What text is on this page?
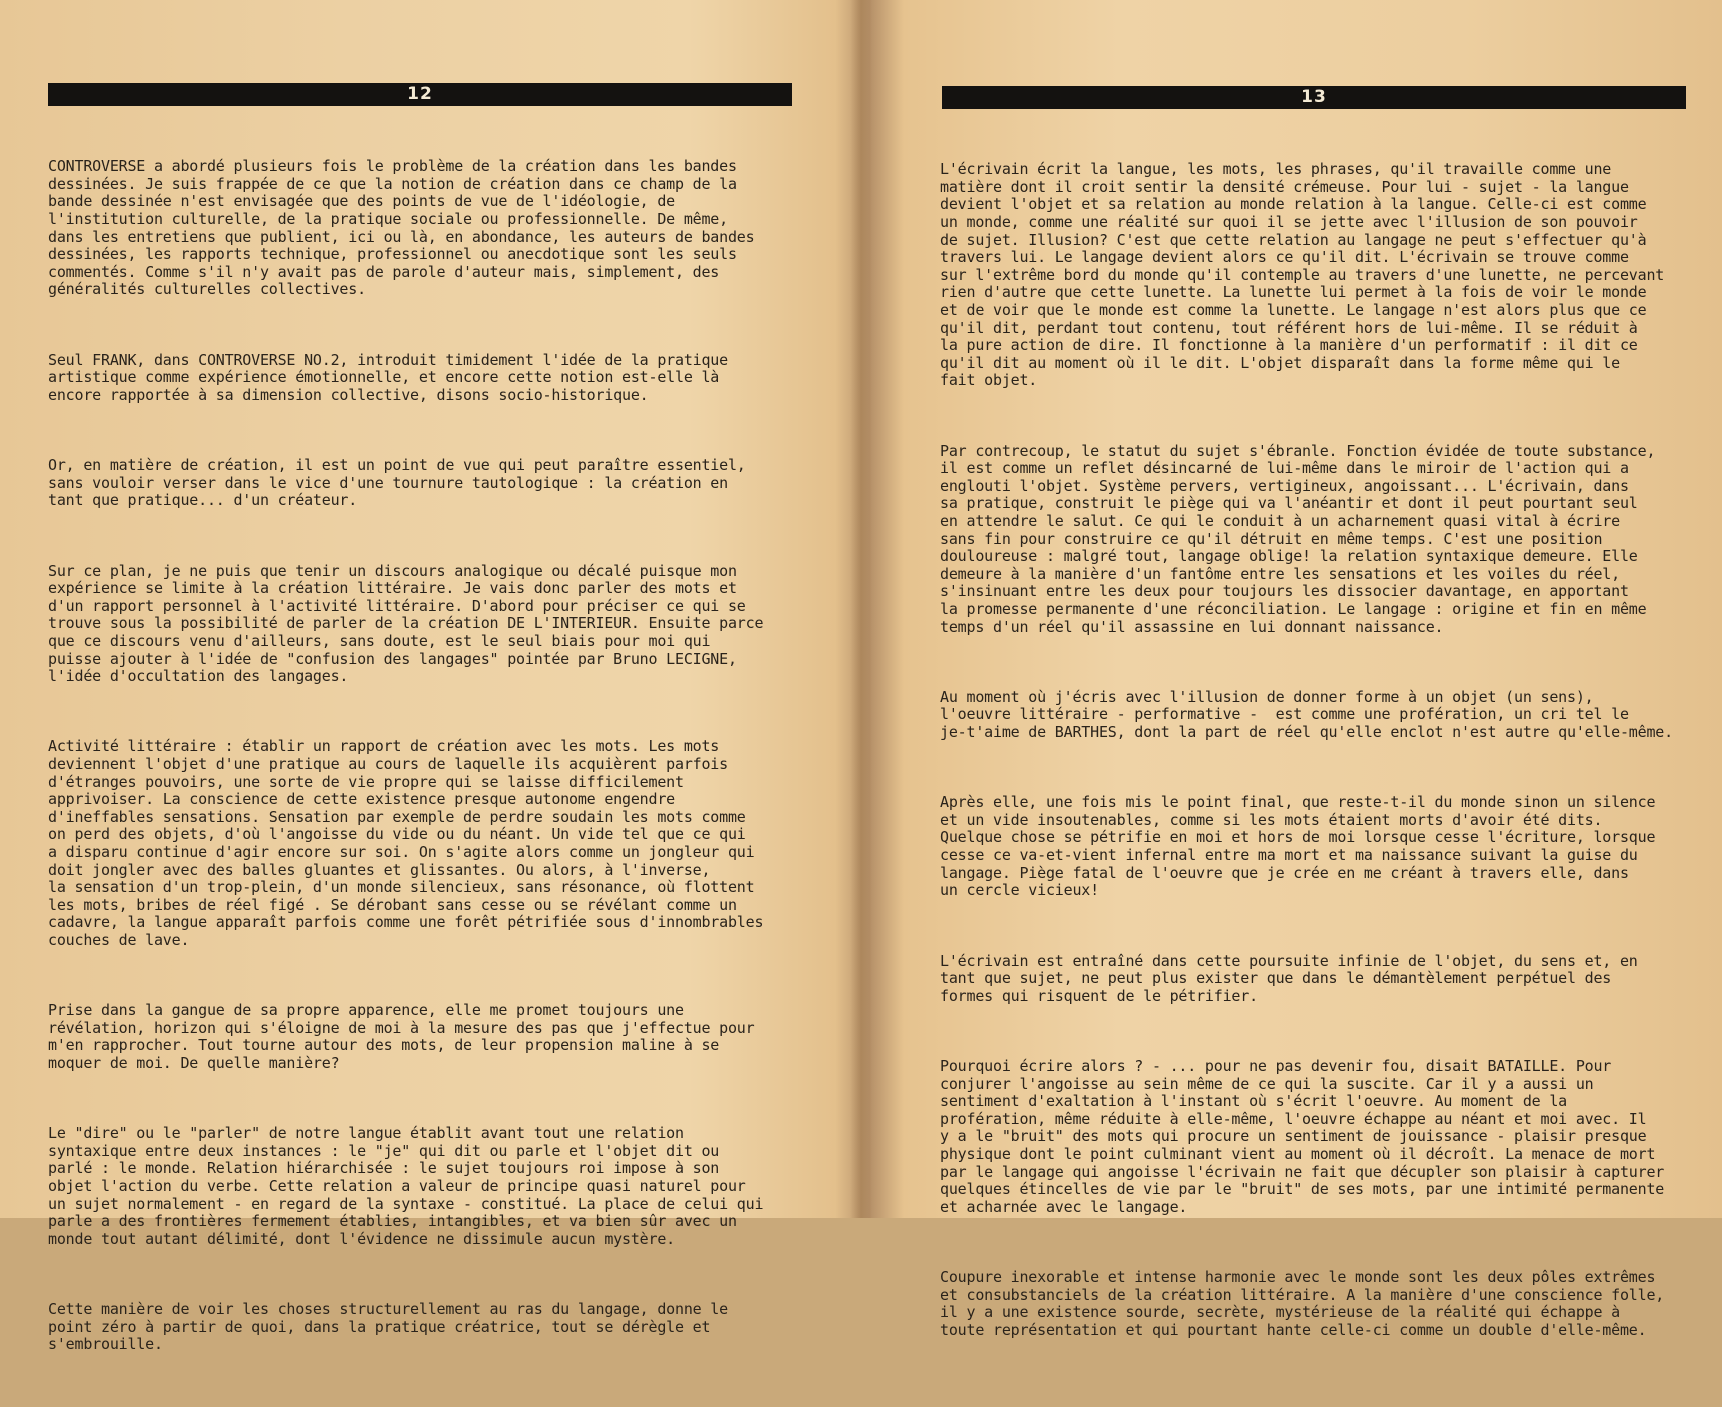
12

CONTROVERSE a abordé plusieurs fois le problème de la création dans les bandes
dessinées. Je suis frappée de ce que la notion de création dans ce champ de la
bande dessinée n'est envisagée que des points de vue de l'idéologie, de
l'institution culturelle, de la pratique sociale ou professionnelle. De même,
dans les entretiens que publient, ici ou là, en abondance, les auteurs de bandes
dessinées, les rapports technique, professionnel ou anecdotique sont les seuls
commentés. Comme s'il n'y avait pas de parole d'auteur mais, simplement, des
généralités culturelles collectives.

Seul FRANK, dans CONTROVERSE NO.2, introduit timidement l'idée de la pratique
artistique comme expérience émotionnelle, et encore cette notion est-elle là
encore rapportée à sa dimension collective, disons socio-historique.

Or, en matière de création, il est un point de vue qui peut paraître essentiel,
sans vouloir verser dans le vice d'une tournure tautologique : la création en
tant que pratique... d'un créateur.

Sur ce plan, je ne puis que tenir un discours analogique ou décalé puisque mon
expérience se limite à la création littéraire. Je vais donc parler des mots et
d'un rapport personnel à l'activité littéraire. D'abord pour préciser ce qui se
trouve sous la possibilité de parler de la création DE L'INTERIEUR. Ensuite parce
que ce discours venu d'ailleurs, sans doute, est le seul biais pour moi qui
puisse ajouter à l'idée de "confusion des langages" pointée par Bruno LECIGNE,
l'idée d'occultation des langages.

Activité littéraire : établir un rapport de création avec les mots. Les mots
deviennent l'objet d'une pratique au cours de laquelle ils acquièrent parfois
d'étranges pouvoirs, une sorte de vie propre qui se laisse difficilement
apprivoiser. La conscience de cette existence presque autonome engendre
d'ineffables sensations. Sensation par exemple de perdre soudain les mots comme
on perd des objets, d'où l'angoisse du vide ou du néant. Un vide tel que ce qui
a disparu continue d'agir encore sur soi. On s'agite alors comme un jongleur qui
doit jongler avec des balles gluantes et glissantes. Ou alors, à l'inverse,
la sensation d'un trop-plein, d'un monde silencieux, sans résonance, où flottent
les mots, bribes de réel figé . Se dérobant sans cesse ou se révélant comme un
cadavre, la langue apparaît parfois comme une forêt pétrifiée sous d'innombrables
couches de lave.

Prise dans la gangue de sa propre apparence, elle me promet toujours une
révélation, horizon qui s'éloigne de moi à la mesure des pas que j'effectue pour
m'en rapprocher. Tout tourne autour des mots, de leur propension maline à se
moquer de moi. De quelle manière?

Le "dire" ou le "parler" de notre langue établit avant tout une relation
syntaxique entre deux instances : le "je" qui dit ou parle et l'objet dit ou
parlé : le monde. Relation hiérarchisée : le sujet toujours roi impose à son
objet l'action du verbe. Cette relation a valeur de principe quasi naturel pour
un sujet normalement - en regard de la syntaxe - constitué. La place de celui qui
parle a des frontières fermement établies, intangibles, et va bien sûr avec un
monde tout autant délimité, dont l'évidence ne dissimule aucun mystère.

Cette manière de voir les choses structurellement au ras du langage, donne le
point zéro à partir de quoi, dans la pratique créatrice, tout se dérègle et
s'embrouille.

13

L'écrivain écrit la langue, les mots, les phrases, qu'il travaille comme une
matière dont il croit sentir la densité crémeuse. Pour lui - sujet - la langue
devient l'objet et sa relation au monde relation à la langue. Celle-ci est comme
un monde, comme une réalité sur quoi il se jette avec l'illusion de son pouvoir
de sujet. Illusion? C'est que cette relation au langage ne peut s'effectuer qu'à
travers lui. Le langage devient alors ce qu'il dit. L'écrivain se trouve comme
sur l'extrême bord du monde qu'il contemple au travers d'une lunette, ne percevant
rien d'autre que cette lunette. La lunette lui permet à la fois de voir le monde
et de voir que le monde est comme la lunette. Le langage n'est alors plus que ce
qu'il dit, perdant tout contenu, tout référent hors de lui-même. Il se réduit à
la pure action de dire. Il fonctionne à la manière d'un performatif : il dit ce
qu'il dit au moment où il le dit. L'objet disparaît dans la forme même qui le
fait objet.

Par contrecoup, le statut du sujet s'ébranle. Fonction évidée de toute substance,
il est comme un reflet désincarné de lui-même dans le miroir de l'action qui a
englouti l'objet. Système pervers, vertigineux, angoissant... L'écrivain, dans
sa pratique, construit le piège qui va l'anéantir et dont il peut pourtant seul
en attendre le salut. Ce qui le conduit à un acharnement quasi vital à écrire
sans fin pour construire ce qu'il détruit en même temps. C'est une position
douloureuse : malgré tout, langage oblige! la relation syntaxique demeure. Elle
demeure à la manière d'un fantôme entre les sensations et les voiles du réel,
s'insinuant entre les deux pour toujours les dissocier davantage, en apportant
la promesse permanente d'une réconciliation. Le langage : origine et fin en même
temps d'un réel qu'il assassine en lui donnant naissance.

Au moment où j'écris avec l'illusion de donner forme à un objet (un sens),
l'oeuvre littéraire - performative -  est comme une profération, un cri tel le
je-t'aime de BARTHES, dont la part de réel qu'elle enclot n'est autre qu'elle-même.

Après elle, une fois mis le point final, que reste-t-il du monde sinon un silence
et un vide insoutenables, comme si les mots étaient morts d'avoir été dits.
Quelque chose se pétrifie en moi et hors de moi lorsque cesse l'écriture, lorsque
cesse ce va-et-vient infernal entre ma mort et ma naissance suivant la guise du
langage. Piège fatal de l'oeuvre que je crée en me créant à travers elle, dans
un cercle vicieux!

L'écrivain est entraîné dans cette poursuite infinie de l'objet, du sens et, en
tant que sujet, ne peut plus exister que dans le démantèlement perpétuel des
formes qui risquent de le pétrifier.

Pourquoi écrire alors ? - ... pour ne pas devenir fou, disait BATAILLE. Pour
conjurer l'angoisse au sein même de ce qui la suscite. Car il y a aussi un
sentiment d'exaltation à l'instant où s'écrit l'oeuvre. Au moment de la
profération, même réduite à elle-même, l'oeuvre échappe au néant et moi avec. Il
y a le "bruit" des mots qui procure un sentiment de jouissance - plaisir presque
physique dont le point culminant vient au moment où il décroît. La menace de mort
par le langage qui angoisse l'écrivain ne fait que décupler son plaisir à capturer
quelques étincelles de vie par le "bruit" de ses mots, par une intimité permanente
et acharnée avec le langage.

Coupure inexorable et intense harmonie avec le monde sont les deux pôles extrêmes
et consubstanciels de la création littéraire. A la manière d'une conscience folle,
il y a une existence sourde, secrète, mystérieuse de la réalité qui échappe à
toute représentation et qui pourtant hante celle-ci comme un double d'elle-même.
